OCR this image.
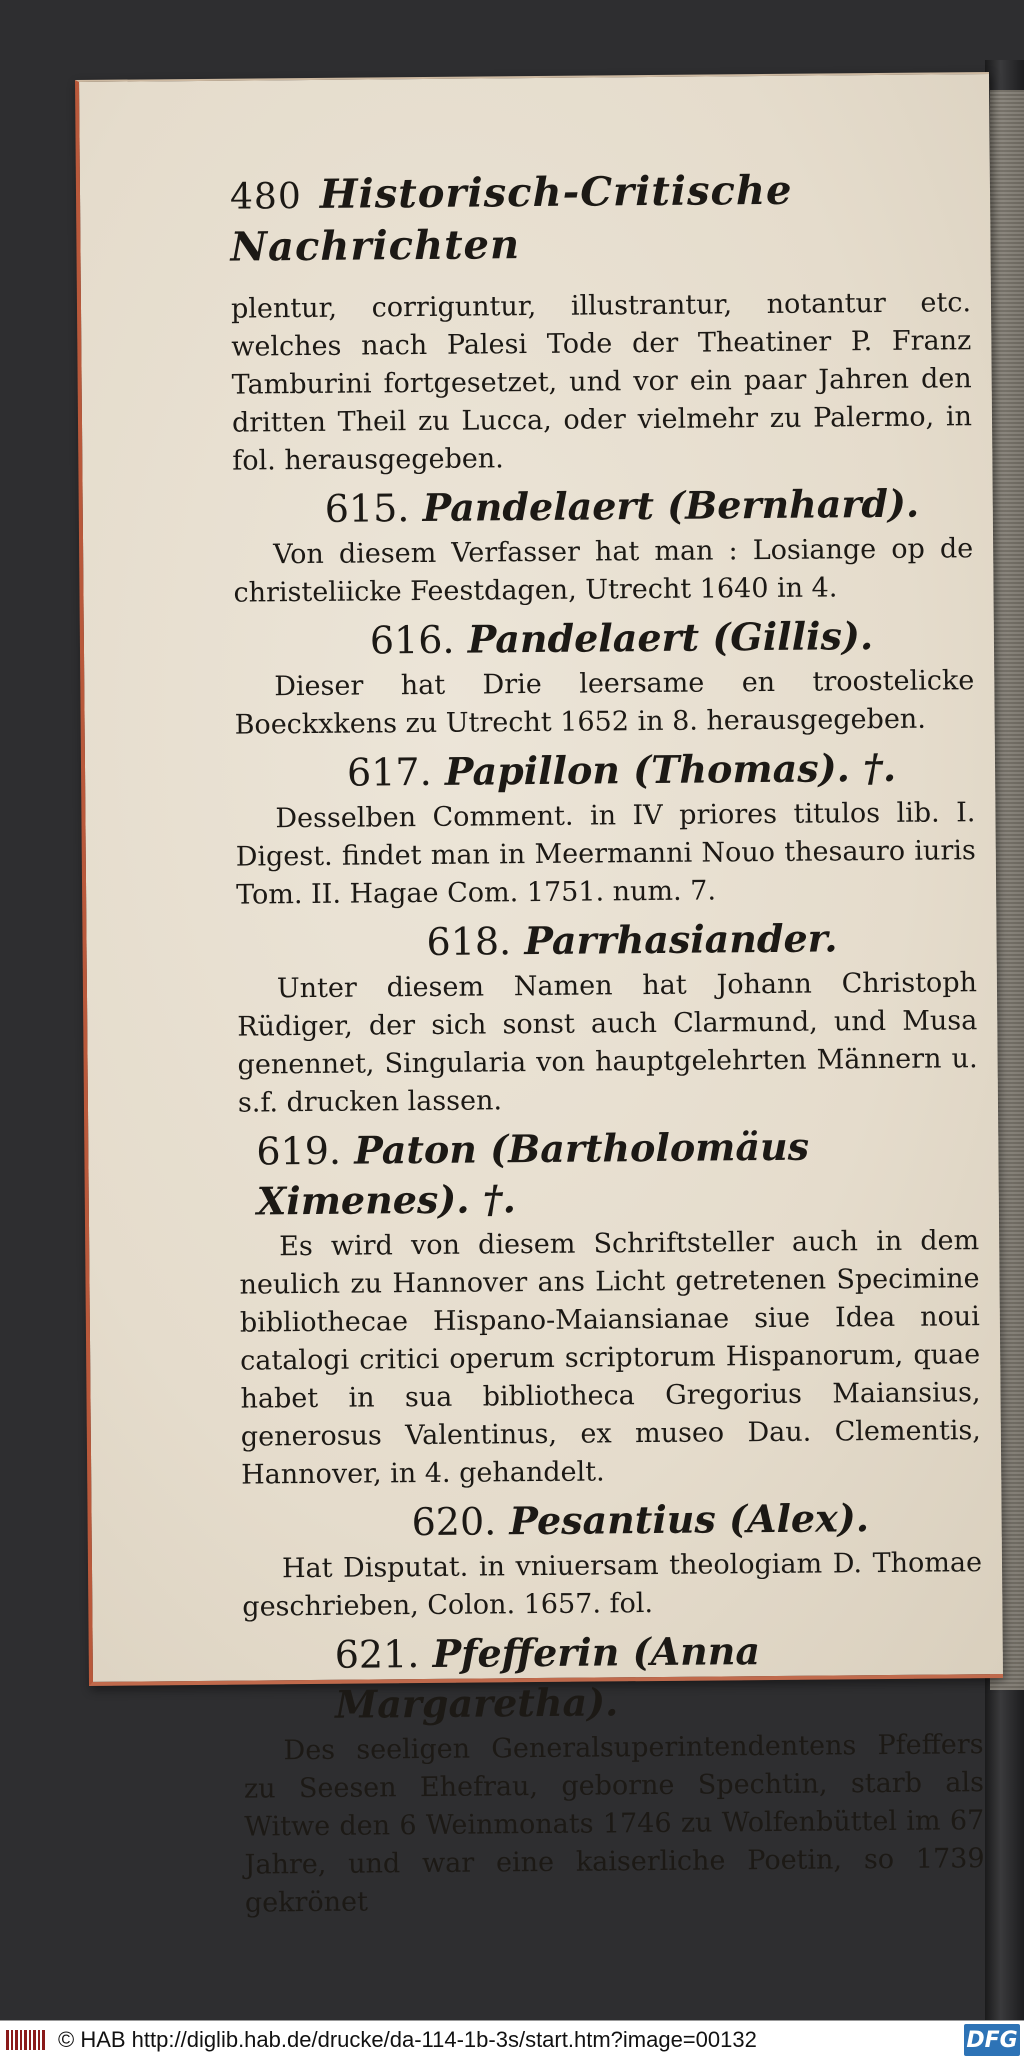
480 Historisch-Critische Nachrichten

plentur, corriguntur, illustrantur, notantur etc. welches nach Palesi Tode der Theatiner P. Franz Tamburini fortgesetzet, und vor ein paar Jahren den dritten Theil zu Lucca, oder vielmehr zu Palermo, in fol. herausgegeben.

615. Pandelaert (Bernhard).

Von diesem Verfasser hat man : Losiange op de christeliicke Feestdagen, Utrecht 1640 in 4.

616. Pandelaert (Gillis).

Dieser hat Drie leersame en troostelicke Boeckxkens zu Utrecht 1652 in 8. herausgegeben.

617. Papillon (Thomas). †.

Desselben Comment. in IV priores titulos lib. I. Digest. findet man in Meermanni Nouo thesauro iuris Tom. II. Hagae Com. 1751. num. 7.

618. Parrhasiander.

Unter diesem Namen hat Johann Christoph Rüdiger, der sich sonst auch Clarmund, und Musa genennet, Singularia von hauptgelehrten Männern u. s.f. drucken lassen.

619. Paton (Bartholomäus Ximenes). †.

Es wird von diesem Schriftsteller auch in dem neulich zu Hannover ans Licht getretenen Specimine bibliothecae Hispano-Maiansianae siue Idea noui catalogi critici operum scriptorum Hispanorum, quae habet in sua bibliotheca Gregorius Maiansius, generosus Valentinus, ex museo Dau. Clementis, Hannover, in 4. gehandelt.

620. Pesantius (Alex).

Hat Disputat. in vniuersam theologiam D. Thomae geschrieben, Colon. 1657. fol.

621. Pfefferin (Anna Margaretha).

Des seeligen Generalsuperintendentens Pfeffers zu Seesen Ehefrau, geborne Spechtin, starb als Witwe den 6 Weinmonats 1746 zu Wolfenbüttel im 67 Jahre, und war eine kaiserliche Poetin, so 1739 gekrönet

© HAB http://diglib.hab.de/drucke/da-114-1b-3s/start.htm?image=00132	DFG
